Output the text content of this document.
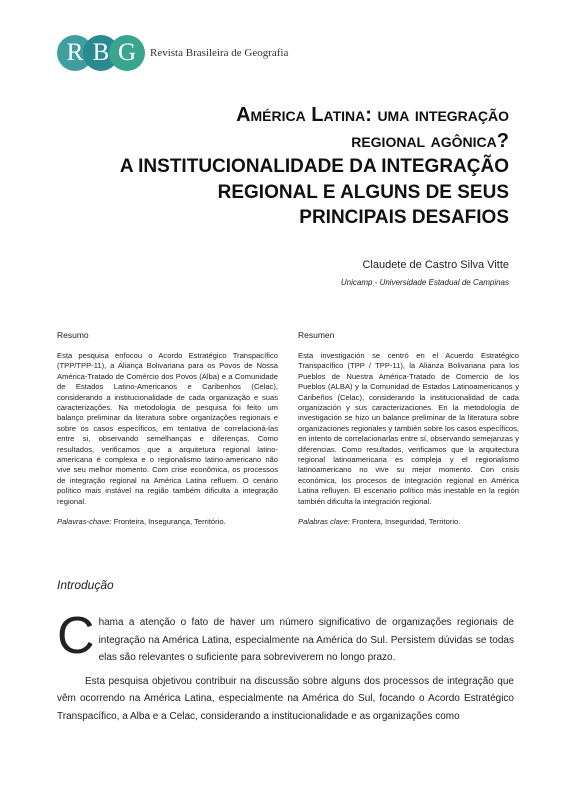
R B G Revista Brasileira de Geografia
América Latina: uma integração
regional agônica?
A INSTITUCIONALIDADE DA INTEGRAÇÃO
REGIONAL E ALGUNS DE SEUS
PRINCIPAIS DESAFIOS
Claudete de Castro Silva Vitte
Unicamp - Universidade Estadual de Campinas
Resumo
Esta pesquisa enfocou o Acordo Estratégico Transpacífico (TPP/TPP-11), a Aliança Bolivariana para os Povos de Nossa América-Tratado de Comércio dos Povos (Alba) e a Comunidade de Estados Latino-Americanos e Caribenhos (Celac), considerando a institucionalidade de cada organização e suas caracterizações. Na metodologia de pesquisa foi feito um balanço preliminar da literatura sobre organizações regionais e sobre os casos específicos, em tentativa de correlacioná-las entre si, observando semelhanças e diferenças. Como resultados, verificamos que a arquitetura regional latino-americana é complexa e o regionalismo latino-americano não vive seu melhor momento. Com crise econômica, os processos de integração regional na América Latina refluem. O cenário político mais instável na região também dificulta a integração regional.
Palavras-chave: Fronteira, Insegurança, Território.
Resumen
Esta investigación se centró en el Acuerdo Estratégico Transpacífico (TPP / TPP-11), la Alianza Bolivariana para los Pueblos de Nuestra América-Tratado de Comercio de los Pueblos (ALBA) y la Comunidad de Estados Latinoamericanos y Caribeños (Celac), considerando la institucionalidad de cada organización y sus caracterizaciones. En la metodología de investigación se hizo un balance preliminar de la literatura sobre organizaciones regionales y también sobre los casos específicos, en intento de correlacionarlas entre sí, observando semejanzas y diferencias. Como resultados, verificamos que la arquitectura regional latinoamericana es compleja y el regionalismo latinoamericano no vive su mejor momento. Con crisis económica, los procesos de integración regional en América Latina refluyen. El escenario político más inestable en la región también dificulta la integración regional.
Palabras clave: Frontera, Inseguridad, Territorio.
Introdução
C hama a atenção o fato de haver um número significativo de organizações regionais de integração na América Latina, especialmente na América do Sul. Persistem dúvidas se todas elas são relevantes o suficiente para sobreviverem no longo prazo.

Esta pesquisa objetivou contribuir na discussão sobre alguns dos processos de integração que vêm ocorrendo na América Latina, especialmente na América do Sul, focando o Acordo Estratégico Transpacífico, a Alba e a Celac, considerando a institucionalidade e as organizações como
